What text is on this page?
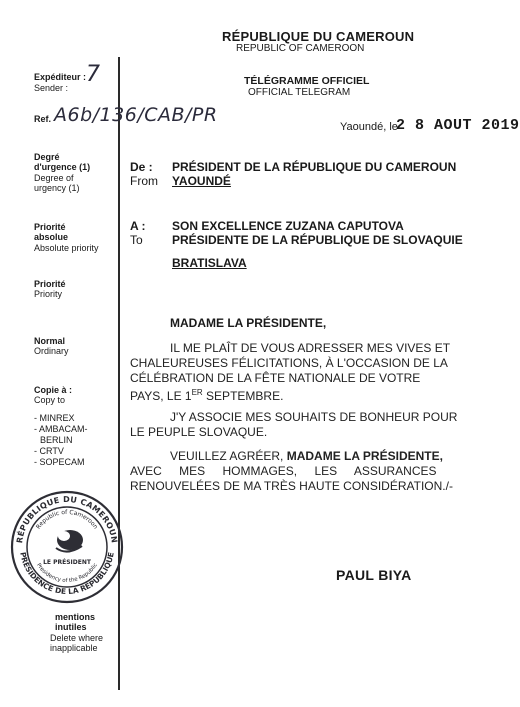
RÉPUBLIQUE DU CAMEROUN
REPUBLIC OF CAMEROON
TÉLÉGRAMME OFFICIEL
OFFICIAL TELEGRAM
Expéditeur :
Sender :
7
Ref. A6b/136/CAB/PR
Degré
d'urgence (1)
Degree of
urgency (1)
Priorité
absolue
Absolute priority
Priorité
Priority
Normal
Ordinary
Copie à :
Copy to
- MINREX
- AMBACAM-
BERLIN
- CRTV
- SOPECAM
mentions
inutiles
Delete where
inapplicable
RÉPUBLIQUE DU CAMEROUN
PRÉSIDENCE DE LA RÉPUBLIQUE
Republic of Cameroon
Presidency of the Republic
LE PRÉSIDENT
Yaoundé, le
2 8 AOUT 2019
De :
From
PRÉSIDENT DE LA RÉPUBLIQUE DU CAMEROUN
YAOUNDÉ
A :
To
SON EXCELLENCE ZUZANA CAPUTOVA
PRÉSIDENTE DE LA RÉPUBLIQUE DE SLOVAQUIE
BRATISLAVA
MADAME LA PRÉSIDENTE,
IL ME PLAÎT DE VOUS ADRESSER MES VIVES ET
CHALEUREUSES FÉLICITATIONS, À L'OCCASION DE LA
CÉLÉBRATION DE LA FÊTE NATIONALE DE VOTRE
PAYS, LE 1ER SEPTEMBRE.
J'Y ASSOCIE MES SOUHAITS DE BONHEUR POUR
LE PEUPLE SLOVAQUE.
VEUILLEZ AGRÉER, MADAME LA PRÉSIDENTE,
AVEC MES HOMMAGES, LES ASSURANCES
RENOUVELÉES DE MA TRÈS HAUTE CONSIDÉRATION./-
PAUL BIYA
